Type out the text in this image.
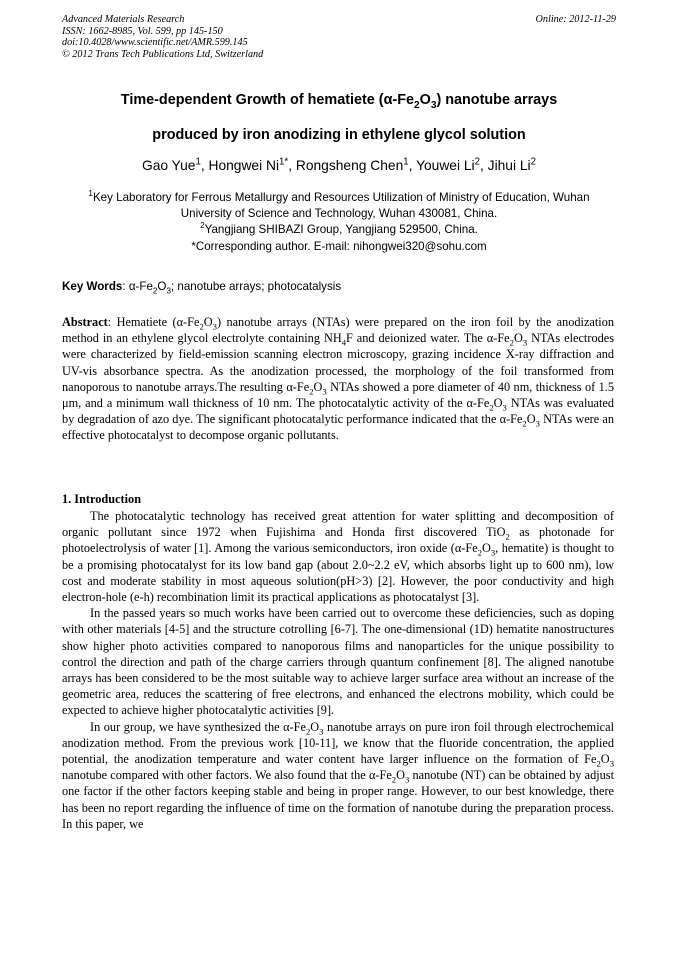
Advanced Materials Research
ISSN: 1662-8985, Vol. 599, pp 145-150
doi:10.4028/www.scientific.net/AMR.599.145
© 2012 Trans Tech Publications Ltd, Switzerland
Online: 2012-11-29
Time-dependent Growth of hematiete $(\alpha-Fe_2O_3)$ nanotube arrays
produced by iron anodizing in ethylene glycol solution
Gao Yue$^1$, Hongwei $Ni^{1*}$, Rongsheng Chen$^1$, Youwei Li$^2$, Jihui Li$^2$
$^1$Key Laboratory for Ferrous Metallurgy and Resources Utilization of Ministry of Education, Wuhan
University of Science and Technology, Wuhan 430081, China.
$^2$Yangjiang SHIBAZI Group, Yangjiang 529500, China.
*Corresponding author. E-mail: nihongwei320@sohu.com
Key Words: $\alpha-Fe_2O_3$; nanotube arrays; photocatalysis

Abstract: Hematiete $(\alpha-Fe_2O_3)$ nanotube arrays (NTAs) were prepared on the iron foil by the anodization method in an ethylene glycol electrolyte containing $NH_4F$ and deionized water. The $\alpha-Fe_2O_3$ NTAs electrodes were characterized by field-emission scanning electron microscopy, grazing incidence X-ray diffraction and UV-vis absorbance spectra. As the anodization processed, the morphology of the foil transformed from nanoporous to nanotube arrays.The resulting $\alpha-Fe_2O_3$ NTAs showed a pore diameter of 40 nm, thickness of 1.5 μm, and a minimum wall thickness of 10 nm. The photocatalytic activity of the $\alpha-Fe_2O_3$ NTAs was evaluated by degradation of azo dye. The significant photocatalytic performance indicated that the $\alpha-Fe_2O_3$ NTAs were an effective photocatalyst to decompose organic pollutants.

1. Introduction

The photocatalytic technology has received great attention for water splitting and decomposition of organic pollutant since 1972 when Fujishima and Honda first discovered TiO$_2$ as photonade for photoelectrolysis of water [1]. Among the various semiconductors, iron oxide ($\alpha-Fe_2O_3$, hematite) is thought to be a promising photocatalyst for its low band gap (about 2.0~2.2 eV, which absorbs light up to 600 nm), low cost and moderate stability in most aqueous solution(pH>3) [2]. However, the poor conductivity and high electron-hole (e-h) recombination limit its practical applications as photocatalyst [3].

In the passed years so much works have been carried out to overcome these deficiencies, such as doping with other materials [4-5] and the structure cotrolling [6-7]. The one-dimensional (1D) hematite nanostructures show higher photo activities compared to nanoporous films and nanoparticles for the unique possibility to control the direction and path of the charge carriers through quantum confinement [8]. The aligned nanotube arrays has been considered to be the most suitable way to achieve larger surface area without an increase of the geometric area, reduces the scattering of free electrons, and enhanced the electrons mobility, which could be expected to achieve higher photocatalytic activities [9].

In our group, we have synthesized the $\alpha-Fe_2O_3$ nanotube arrays on pure iron foil through electrochemical anodization method. From the previous work [10-11], we know that the fluoride concentration, the applied potential, the anodization temperature and water content have larger influence on the formation of $Fe_2O_3$ nanotube compared with other factors. We also found that the $\alpha-Fe_2O_3$ nanotube (NT) can be obtained by adjust one factor if the other factors keeping stable and being in proper range. However, to our best knowledge, there has been no report regarding the influence of time on the formation of nanotube during the preparation process. In this paper, we
